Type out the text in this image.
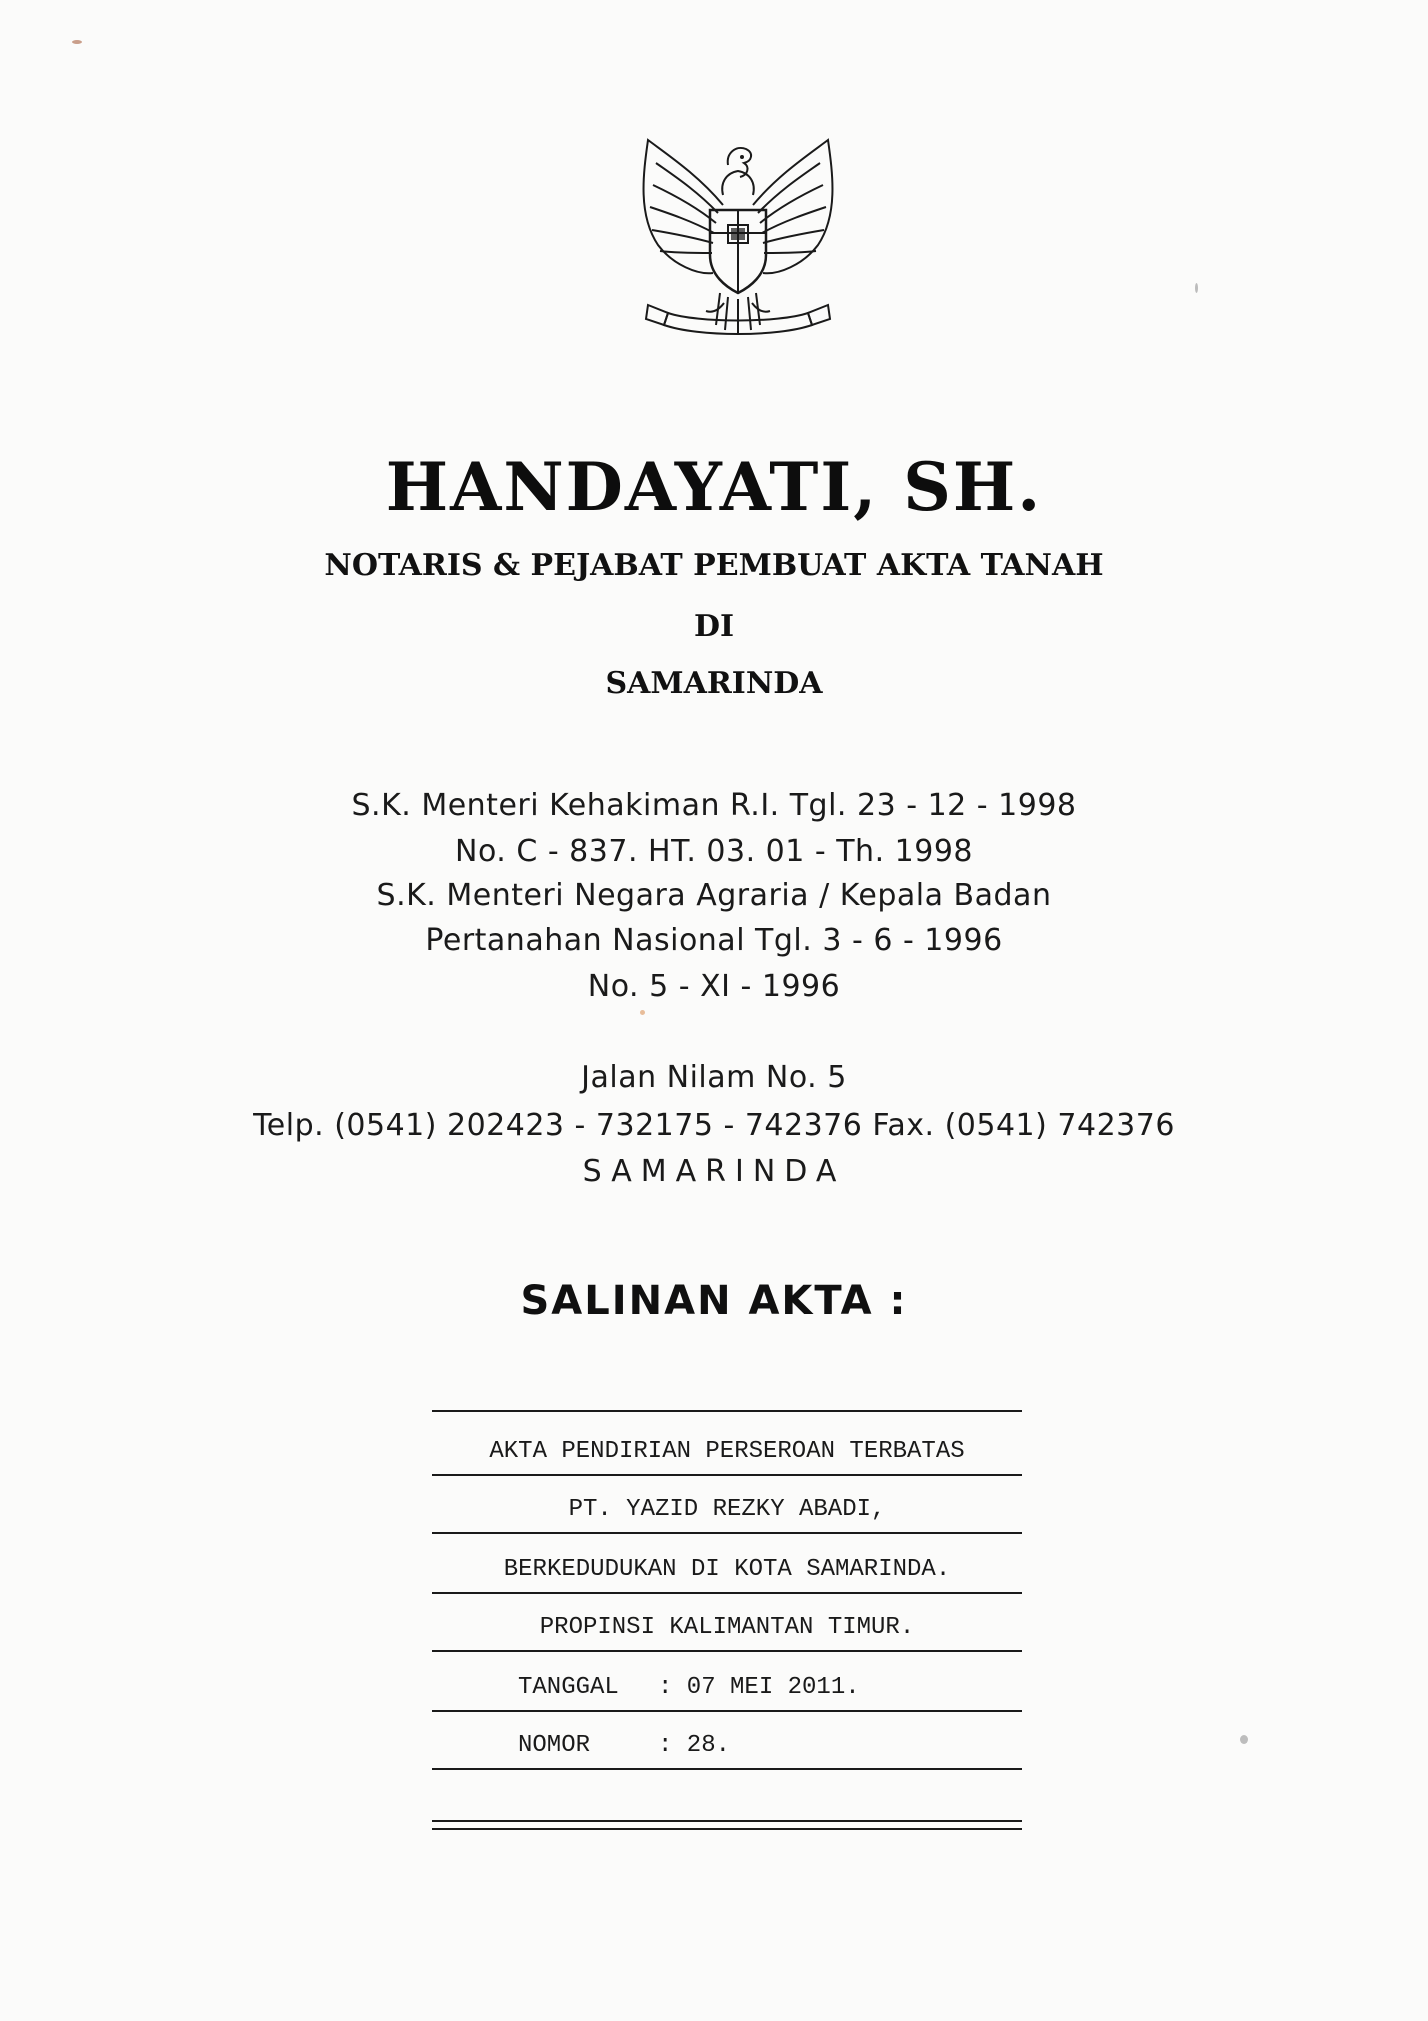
HANDAYATI, SH.
NOTARIS & PEJABAT PEMBUAT AKTA TANAH
DI
SAMARINDA
S.K. Menteri Kehakiman R.I. Tgl. 23 - 12 - 1998
No. C - 837. HT. 03. 01 - Th. 1998
S.K. Menteri Negara Agraria / Kepala Badan
Pertanahan Nasional Tgl. 3 - 6 - 1996
No. 5 - XI - 1996
Jalan Nilam No. 5
Telp. (0541) 202423 - 732175 - 742376 Fax. (0541) 742376
SAMARINDA
SALINAN AKTA :
AKTA PENDIRIAN PERSEROAN TERBATAS
PT. YAZID REZKY ABADI,
BERKEDUDUKAN DI KOTA SAMARINDA.
PROPINSI KALIMANTAN TIMUR.
TANGGAL : 07 MEI 2011.
NOMOR	: 28.
